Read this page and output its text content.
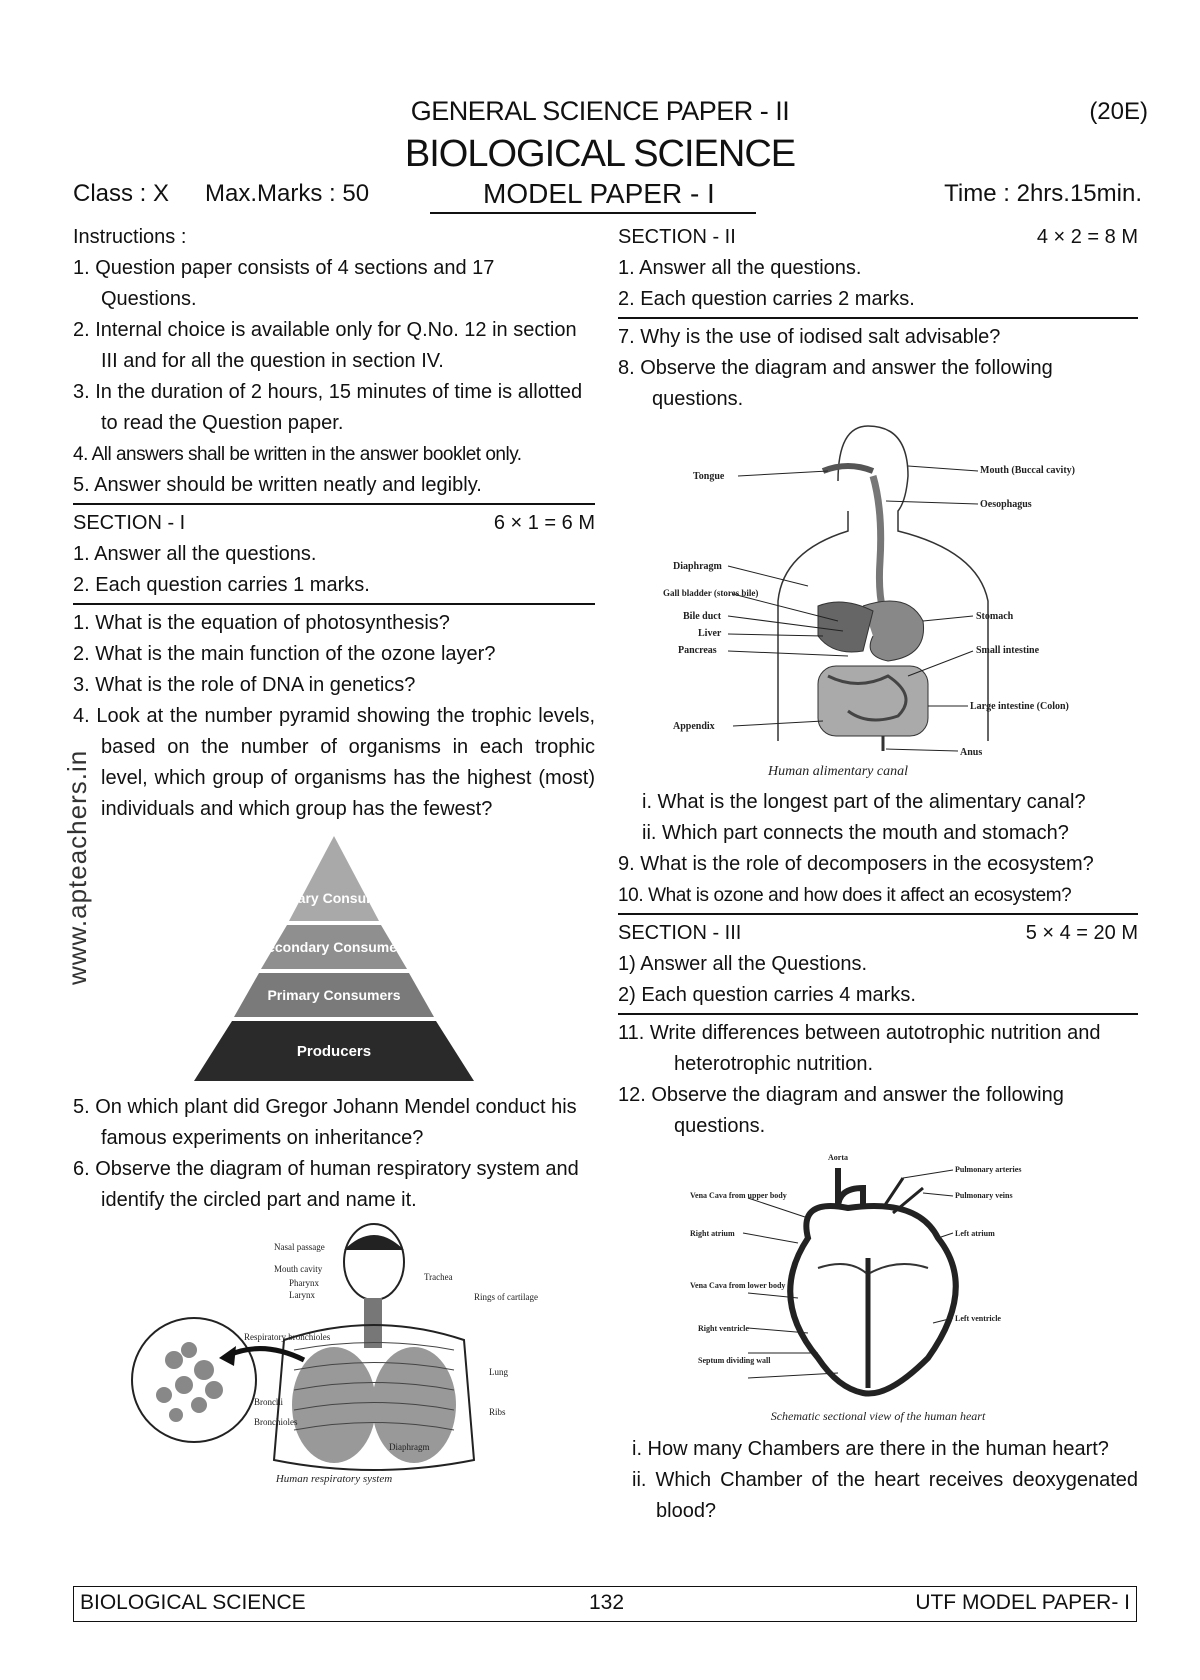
GENERAL SCIENCE PAPER - II	(20E)
BIOLOGICAL SCIENCE
Class : X Max.Marks : 50	MODEL PAPER - I	Time : 2hrs.15min.
www.apteachers.in
Instructions :
1. Question paper consists of 4 sections and 17 Questions.
2. Internal choice is available only for Q.No. 12 in section III and for all the question in section IV.
3. In the duration of 2 hours, 15 minutes of time is allotted to read the Question paper.
4. All answers shall be written in the answer booklet only.
5. Answer should be written neatly and legibly.
SECTION - I	6 × 1 = 6 M
1. Answer all the questions.
2. Each question carries 1 marks.
1. What is the equation of photosynthesis?
2. What is the main function of the ozone layer?
3. What is the role of DNA in genetics?
4. Look at the number pyramid showing the trophic levels, based on the number of organisms in each trophic level, which group of organisms has the highest (most) individuals and which group has the fewest?
Tertiary Consumers
Secondary Consumers
Primary Consumers
Producers
5. On which plant did Gregor Johann Mendel conduct his famous experiments on inheritance?
6. Observe the diagram of human respiratory system and identify the circled part and name it.
Nasal passage
Mouth cavity
Pharynx
Larynx
Trachea
Rings of cartilage
Respiratory bronchioles
Bronchi
Bronchioles
Lung
Ribs
Diaphragm
Human respiratory system
SECTION - II	4 × 2 = 8 M
1. Answer all the questions.
2. Each question carries 2 marks.
7. Why is the use of iodised salt advisable?
8. Observe the diagram and answer the following questions.
Tongue
Mouth (Buccal cavity)
Oesophagus
Diaphragm
Gall bladder (stores bile)
Bile duct
Liver
Pancreas
Stomach
Small intestine
Large intestine (Colon)
Appendix
Anus
Human alimentary canal
i. What is the longest part of the alimentary canal?
ii. Which part connects the mouth and stomach?
9. What is the role of decomposers in the ecosystem?
10. What is ozone and how does it affect an ecosystem?
SECTION - III	5 × 4 = 20 M
1) Answer all the Questions.
2) Each question carries 4 marks.
11. Write differences between autotrophic nutrition and heterotrophic nutrition.
12. Observe the diagram and answer the following questions.
Aorta
Pulmonary arteries
Pulmonary veins
Vena Cava from upper body
Right atrium	Left atrium
Vena Cava from lower body
Right ventricle
Left ventricle
Septum dividing wall
Schematic sectional view of the human heart
i. How many Chambers are there in the human heart?
ii. Which Chamber of the heart receives deoxygenated blood?
BIOLOGICAL SCIENCE	132	UTF MODEL PAPER- I
